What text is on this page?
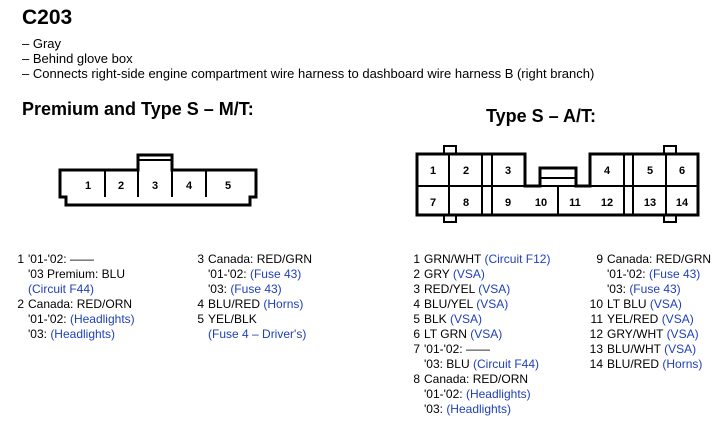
C203
– Gray
– Behind glove box
– Connects right-side engine compartment wire harness to dashboard wire harness B (right branch)
Premium and Type S – M/T:	Type S – A/T:
1 2	3	4	5
1 2	3	4	5 6
7 8	9 10 11 12	13 14
1 '01-'02: ——
'03 Premium: BLU
(Circuit F44)
2 Canada: RED/ORN
'01-'02: (Headlights)
'03: (Headlights)
3 Canada: RED/GRN
'01-'02: (Fuse 43)
'03: (Fuse 43)
4 BLU/RED (Horns)
5 YEL/BLK
(Fuse 4 – Driver's)
1 GRN/WHT (Circuit F12)
2 GRY (VSA)
3 RED/YEL (VSA)
4 BLU/YEL (VSA)
5 BLK (VSA)
6 LT GRN (VSA)
7 '01-'02: ——
'03: BLU (Circuit F44)
8 Canada: RED/ORN
'01-'02: (Headlights)
'03: (Headlights)
9 Canada: RED/GRN
'01-'02: (Fuse 43)
'03: (Fuse 43)
10 LT BLU (VSA)
11 YEL/RED (VSA)
12 GRY/WHT (VSA)
13 BLU/WHT (VSA)
14 BLU/RED (Horns)
